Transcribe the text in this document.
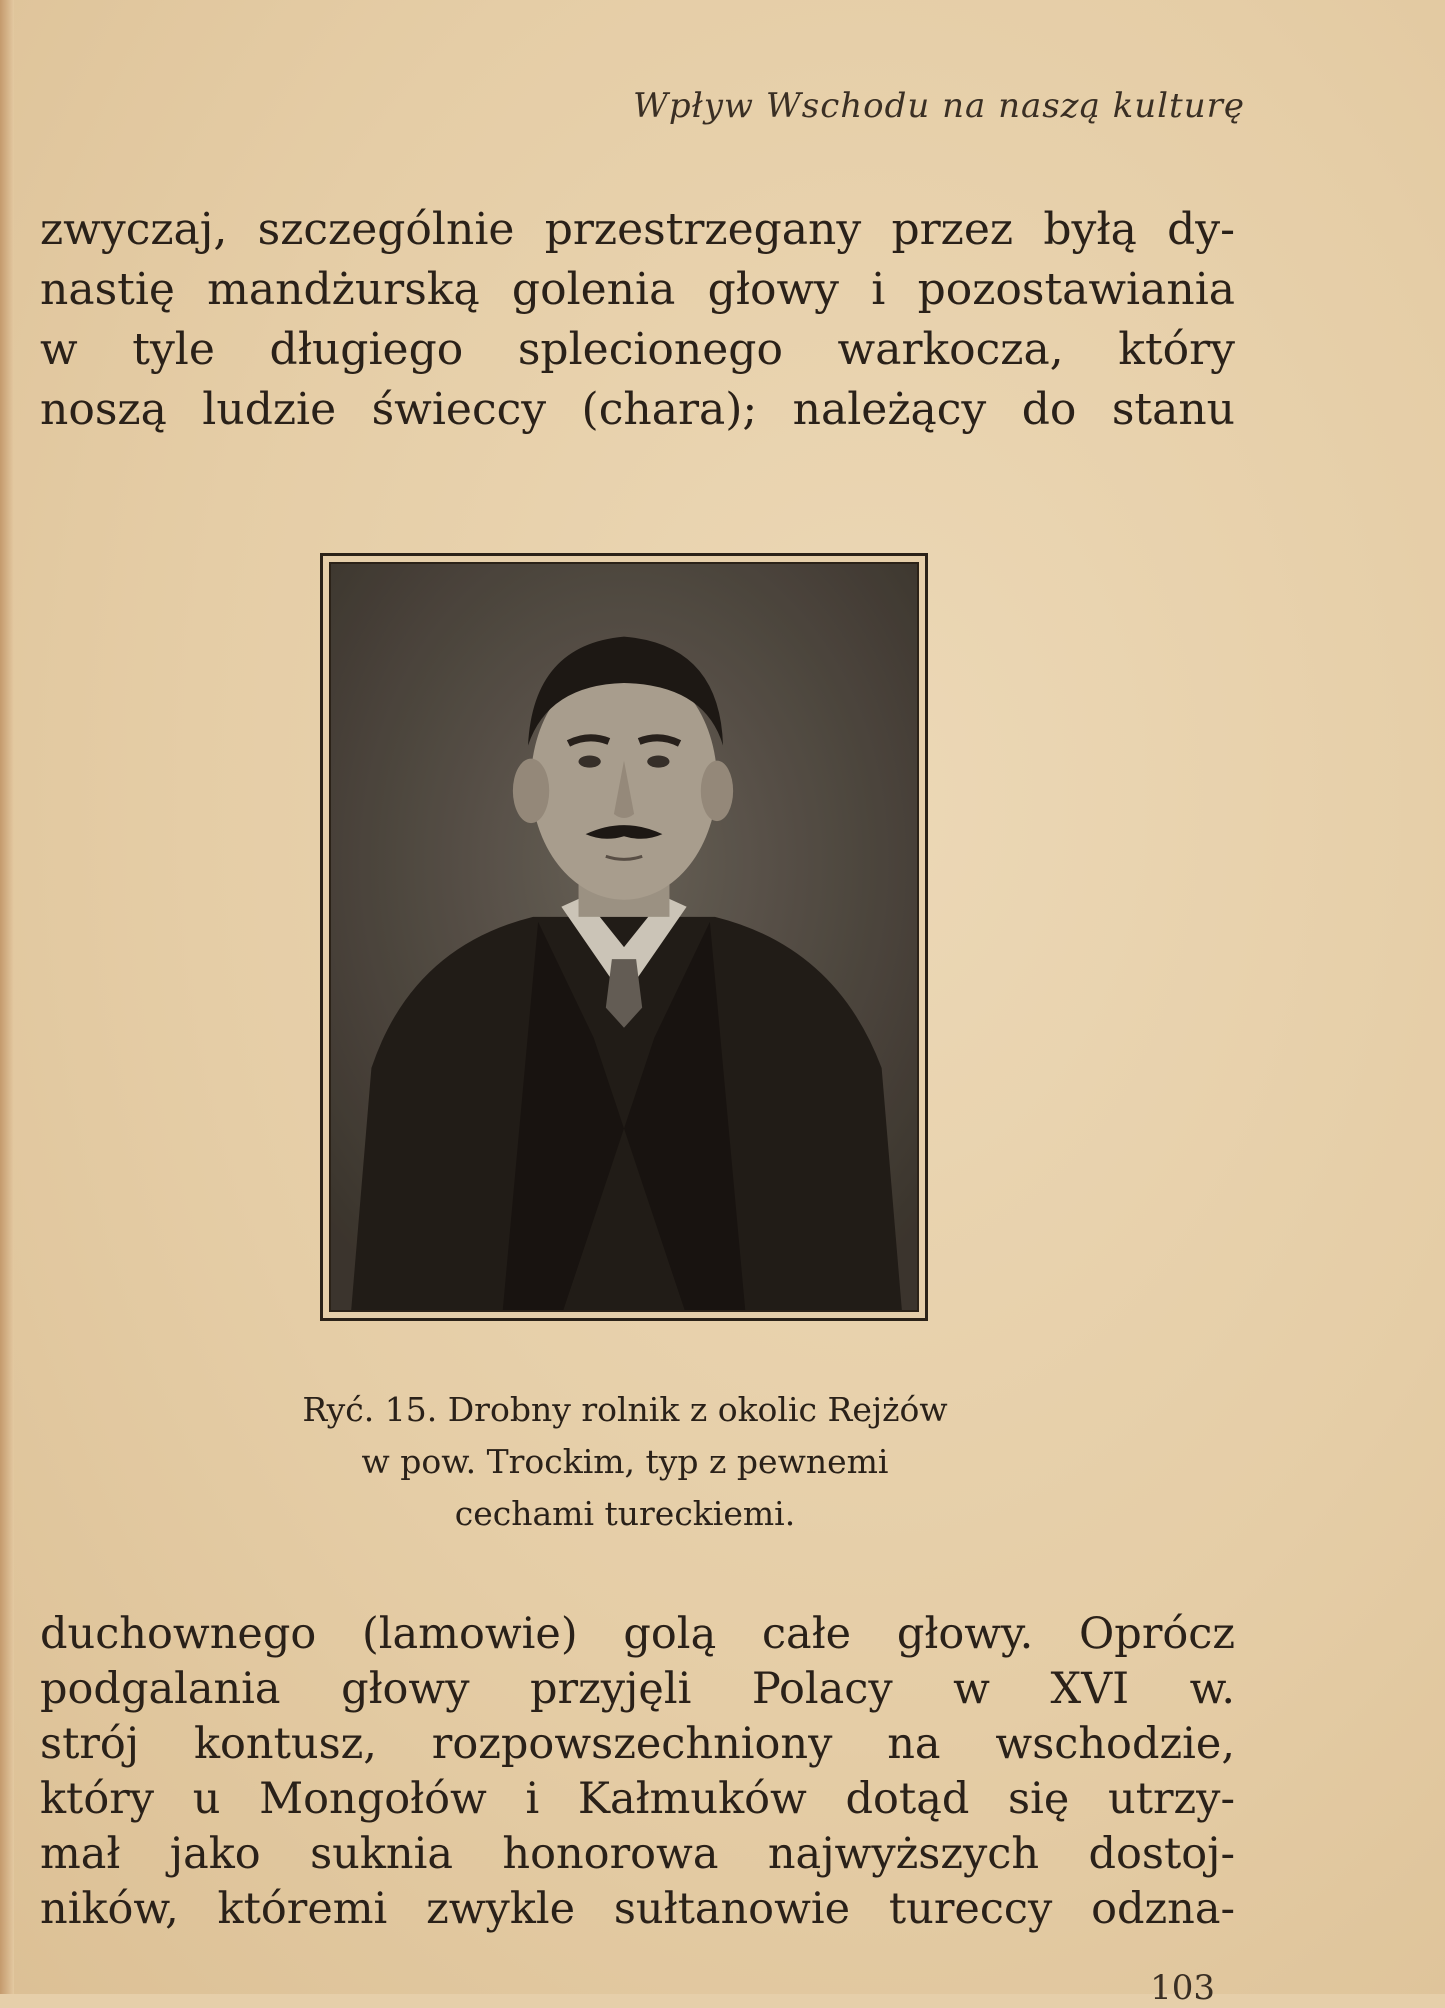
Wpływ Wschodu na naszą kulturę
zwyczaj, szczególnie przestrzegany przez byłą dy-
nastię mandżurską golenia głowy i pozostawiania
w tyle długiego splecionego warkocza, który
noszą ludzie świeccy (chara); należący do stanu
Ryć. 15. Drobny rolnik z okolic Rejżów
w pow. Trockim, typ z pewnemi
cechami tureckiemi.
duchownego (lamowie) golą całe głowy. Oprócz
podgalania głowy przyjęli Polacy w XVI w.
strój kontusz, rozpowszechniony na wschodzie,
który u Mongołów i Kałmuków dotąd się utrzy-
mał jako suknia honorowa najwyższych dostoj-
ników, któremi zwykle sułtanowie tureccy odzna-
103
